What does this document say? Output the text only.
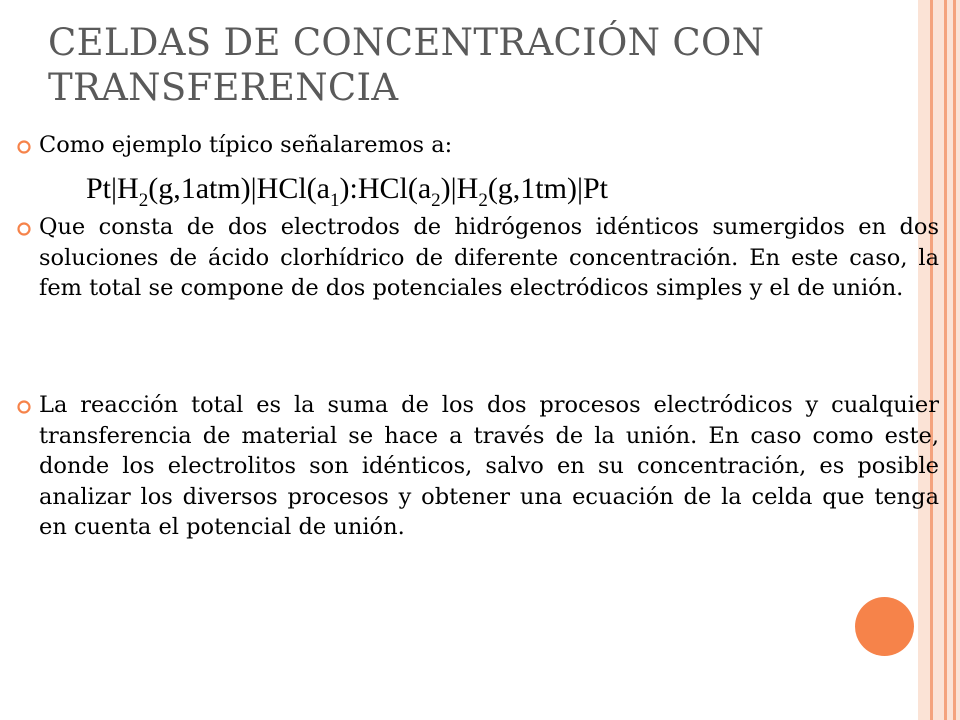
CELDAS DE CONCENTRACIÓN CON TRANSFERENCIA

Como ejemplo típico señalaremos a:

$Pt|H_2(g,1atm)|HCl(a_1):HCl(a_2)|H_2(g,1tm)|Pt$

Que consta de dos electrodos de hidrógenos idénticos sumergidos en dos soluciones de ácido clorhídrico de diferente concentración. En este caso, la fem total se compone de dos potenciales electródicos simples y el de unión.

La reacción total es la suma de los dos procesos electródicos y cualquier transferencia de material se hace a través de la unión. En caso como este, donde los electrolitos son idénticos, salvo en su concentración, es posible analizar los diversos procesos y obtener una ecuación de la celda que tenga en cuenta el potencial de unión.
